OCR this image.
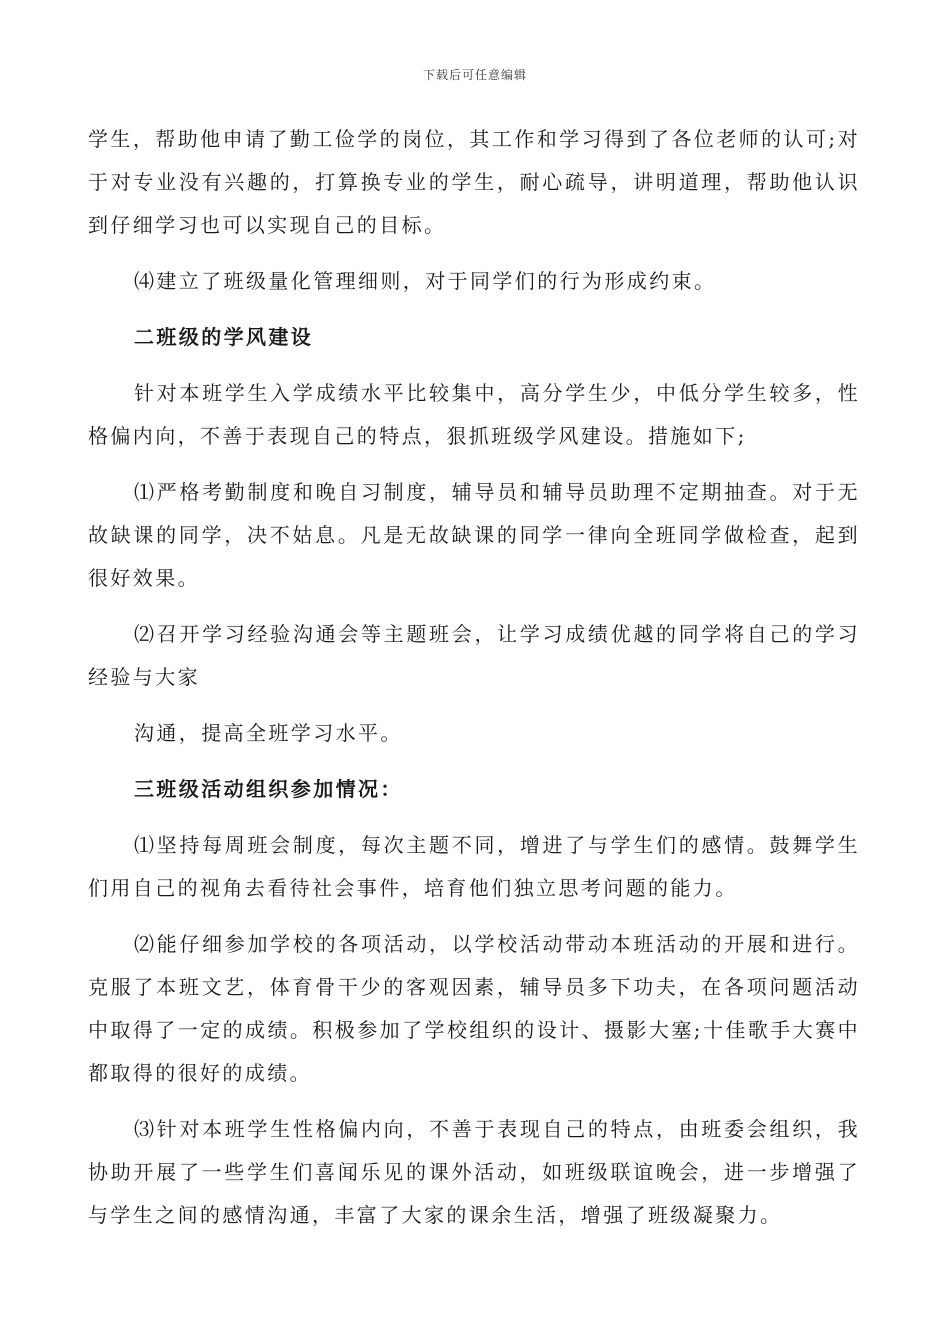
下载后可任意编辑

学生，帮助他申请了勤工俭学的岗位，其工作和学习得到了各位老师的认可;对于对专业没有兴趣的，打算换专业的学生，耐心疏导，讲明道理，帮助他认识到仔细学习也可以实现自己的目标。

⑷建立了班级量化管理细则，对于同学们的行为形成约束。

二班级的学风建设

针对本班学生入学成绩水平比较集中，高分学生少，中低分学生较多，性格偏内向，不善于表现自己的特点，狠抓班级学风建设。措施如下;

⑴严格考勤制度和晚自习制度，辅导员和辅导员助理不定期抽查。对于无故缺课的同学，决不姑息。凡是无故缺课的同学一律向全班同学做检查，起到很好效果。

⑵召开学习经验沟通会等主题班会，让学习成绩优越的同学将自己的学习经验与大家

沟通，提高全班学习水平。

三班级活动组织参加情况：

⑴坚持每周班会制度，每次主题不同，增进了与学生们的感情。鼓舞学生们用自己的视角去看待社会事件，培育他们独立思考问题的能力。

⑵能仔细参加学校的各项活动，以学校活动带动本班活动的开展和进行。克服了本班文艺，体育骨干少的客观因素，辅导员多下功夫，在各项问题活动中取得了一定的成绩。积极参加了学校组织的设计、摄影大塞;十佳歌手大赛中都取得的很好的成绩。

⑶针对本班学生性格偏内向，不善于表现自己的特点，由班委会组织，我协助开展了一些学生们喜闻乐见的课外活动，如班级联谊晚会，进一步增强了与学生之间的感情沟通，丰富了大家的课余生活，增强了班级凝聚力。
